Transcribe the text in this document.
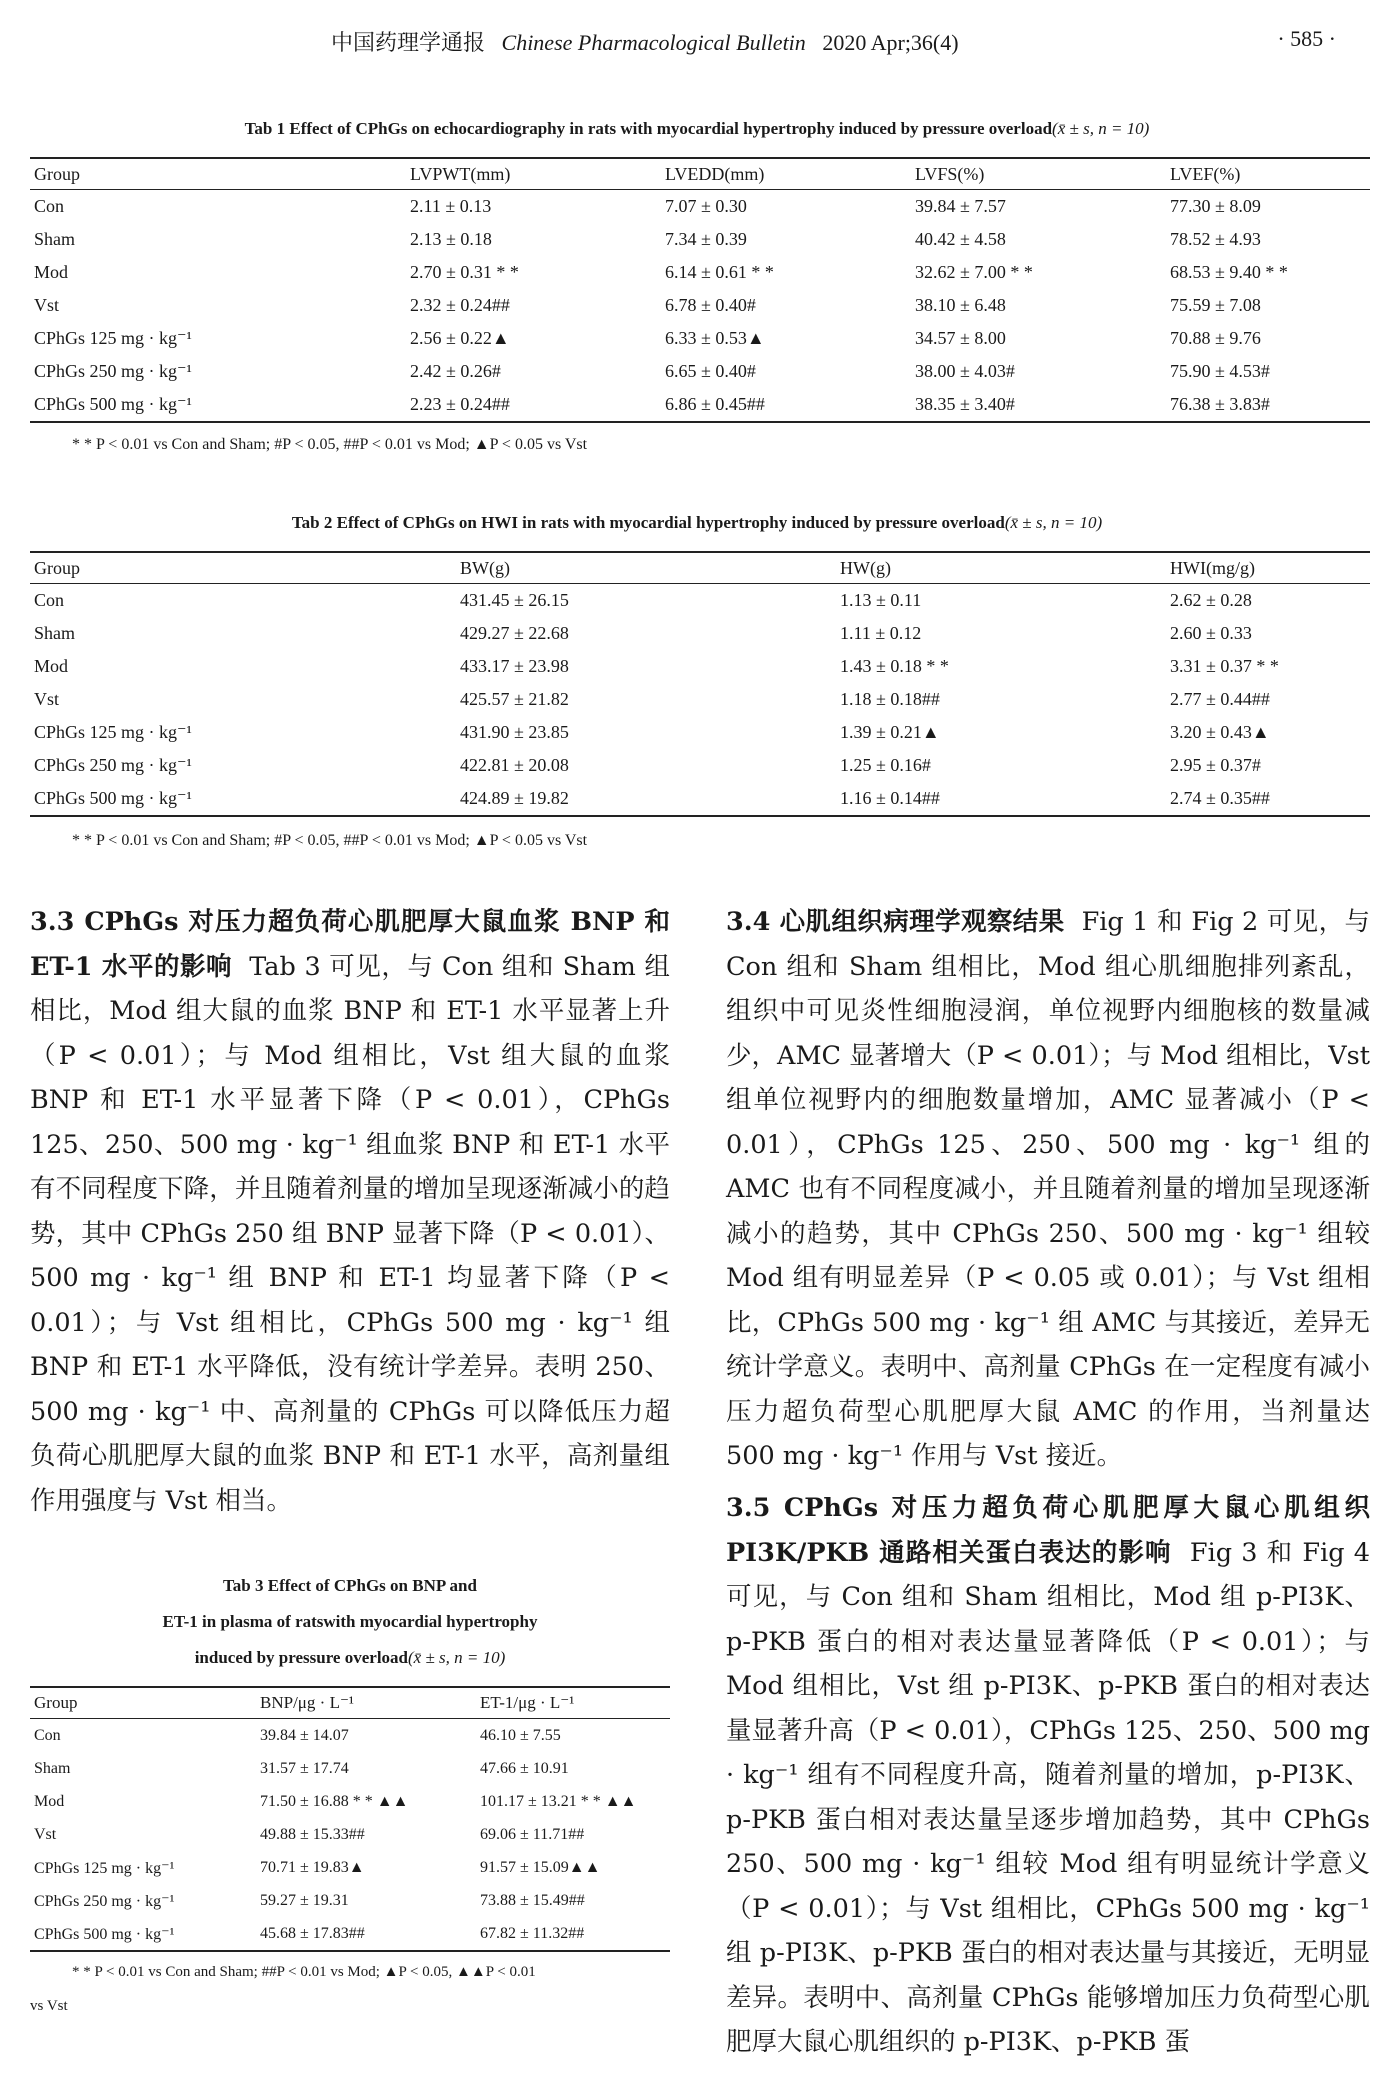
中国药理学通报 Chinese Pharmacological Bulletin 2020 Apr;36(4)	· 585 ·
Tab 1 Effect of CPhGs on echocardiography in rats with myocardial hypertrophy induced by pressure overload(x̄ ± s, n = 10)
Group	LVPWT(mm)	LVEDD(mm)	LVFS(%)	LVEF(%)
Con	2.11 ± 0.13	7.07 ± 0.30	39.84 ± 7.57	77.30 ± 8.09
Sham	2.13 ± 0.18	7.34 ± 0.39	40.42 ± 4.58	78.52 ± 4.93
Mod	2.70 ± 0.31 * *	6.14 ± 0.61 * *	32.62 ± 7.00 * *	68.53 ± 9.40 * *
Vst	2.32 ± 0.24##	6.78 ± 0.40#	38.10 ± 6.48	75.59 ± 7.08
CPhGs 125 mg · kg⁻¹	2.56 ± 0.22▲	6.33 ± 0.53▲	34.57 ± 8.00	70.88 ± 9.76
CPhGs 250 mg · kg⁻¹	2.42 ± 0.26#	6.65 ± 0.40#	38.00 ± 4.03#	75.90 ± 4.53#
CPhGs 500 mg · kg⁻¹	2.23 ± 0.24##	6.86 ± 0.45##	38.35 ± 3.40#	76.38 ± 3.83#
* * P < 0.01 vs Con and Sham; #P < 0.05, ##P < 0.01 vs Mod; ▲P < 0.05 vs Vst
Tab 2 Effect of CPhGs on HWI in rats with myocardial hypertrophy induced by pressure overload(x̄ ± s, n = 10)
Group	BW(g)	HW(g)	HWI(mg/g)
Con	431.45 ± 26.15	1.13 ± 0.11	2.62 ± 0.28
Sham	429.27 ± 22.68	1.11 ± 0.12	2.60 ± 0.33
Mod	433.17 ± 23.98	1.43 ± 0.18 * *	3.31 ± 0.37 * *
Vst	425.57 ± 21.82	1.18 ± 0.18##	2.77 ± 0.44##
CPhGs 125 mg · kg⁻¹	431.90 ± 23.85	1.39 ± 0.21▲	3.20 ± 0.43▲
CPhGs 250 mg · kg⁻¹	422.81 ± 20.08	1.25 ± 0.16#	2.95 ± 0.37#
CPhGs 500 mg · kg⁻¹	424.89 ± 19.82	1.16 ± 0.14##	2.74 ± 0.35##
* * P < 0.01 vs Con and Sham; #P < 0.05, ##P < 0.01 vs Mod; ▲P < 0.05 vs Vst
3.3 CPhGs 对压力超负荷心肌肥厚大鼠血浆 BNP 和 ET-1 水平的影响 Tab 3 可见，与 Con 组和 Sham 组相比，Mod 组大鼠的血浆 BNP 和 ET-1 水平显著上升（P < 0.01）；与 Mod 组相比，Vst 组大鼠的血浆 BNP 和 ET-1 水平显著下降（P < 0.01），CPhGs 125、250、500 mg · kg⁻¹ 组血浆 BNP 和 ET-1 水平有不同程度下降，并且随着剂量的增加呈现逐渐减小的趋势，其中 CPhGs 250 组 BNP 显著下降（P < 0.01）、500 mg · kg⁻¹ 组 BNP 和 ET-1 均显著下降（P < 0.01）；与 Vst 组相比，CPhGs 500 mg · kg⁻¹ 组 BNP 和 ET-1 水平降低，没有统计学差异。表明 250、500 mg · kg⁻¹ 中、高剂量的 CPhGs 可以降低压力超负荷心肌肥厚大鼠的血浆 BNP 和 ET-1 水平，高剂量组作用强度与 Vst 相当。
Tab 3 Effect of CPhGs on BNP and
ET-1 in plasma of ratswith myocardial hypertrophy
induced by pressure overload(x̄ ± s, n = 10)
Group	BNP/μg · L⁻¹	ET-1/μg · L⁻¹
Con	39.84 ± 14.07	46.10 ± 7.55
Sham	31.57 ± 17.74	47.66 ± 10.91
Mod	71.50 ± 16.88 * * ▲▲	101.17 ± 13.21 * * ▲▲
Vst	49.88 ± 15.33##	69.06 ± 11.71##
CPhGs 125 mg · kg⁻¹	70.71 ± 19.83▲	91.57 ± 15.09▲▲
CPhGs 250 mg · kg⁻¹	59.27 ± 19.31	73.88 ± 15.49##
CPhGs 500 mg · kg⁻¹	45.68 ± 17.83##	67.82 ± 11.32##
* * P < 0.01 vs Con and Sham; ##P < 0.01 vs Mod; ▲P < 0.05, ▲▲P < 0.01
vs Vst
3.4 心肌组织病理学观察结果 Fig 1 和 Fig 2 可见，与 Con 组和 Sham 组相比，Mod 组心肌细胞排列紊乱，组织中可见炎性细胞浸润，单位视野内细胞核的数量减少，AMC 显著增大（P < 0.01）；与 Mod 组相比，Vst 组单位视野内的细胞数量增加，AMC 显著减小（P < 0.01），CPhGs 125、250、500 mg · kg⁻¹ 组的 AMC 也有不同程度减小，并且随着剂量的增加呈现逐渐减小的趋势，其中 CPhGs 250、500 mg · kg⁻¹ 组较 Mod 组有明显差异（P < 0.05 或 0.01）；与 Vst 组相比，CPhGs 500 mg · kg⁻¹ 组 AMC 与其接近，差异无统计学意义。表明中、高剂量 CPhGs 在一定程度有减小压力超负荷型心肌肥厚大鼠 AMC 的作用，当剂量达 500 mg · kg⁻¹ 作用与 Vst 接近。
3.5 CPhGs 对压力超负荷心肌肥厚大鼠心肌组织 PI3K/PKB 通路相关蛋白表达的影响 Fig 3 和 Fig 4 可见，与 Con 组和 Sham 组相比，Mod 组 p-PI3K、p-PKB 蛋白的相对表达量显著降低（P < 0.01）；与 Mod 组相比，Vst 组 p-PI3K、p-PKB 蛋白的相对表达量显著升高（P < 0.01），CPhGs 125、250、500 mg · kg⁻¹ 组有不同程度升高，随着剂量的增加，p-PI3K、p-PKB 蛋白相对表达量呈逐步增加趋势，其中 CPhGs 250、500 mg · kg⁻¹ 组较 Mod 组有明显统计学意义（P < 0.01）；与 Vst 组相比，CPhGs 500 mg · kg⁻¹ 组 p-PI3K、p-PKB 蛋白的相对表达量与其接近，无明显差异。表明中、高剂量 CPhGs 能够增加压力负荷型心肌肥厚大鼠心肌组织的 p-PI3K、p-PKB 蛋
